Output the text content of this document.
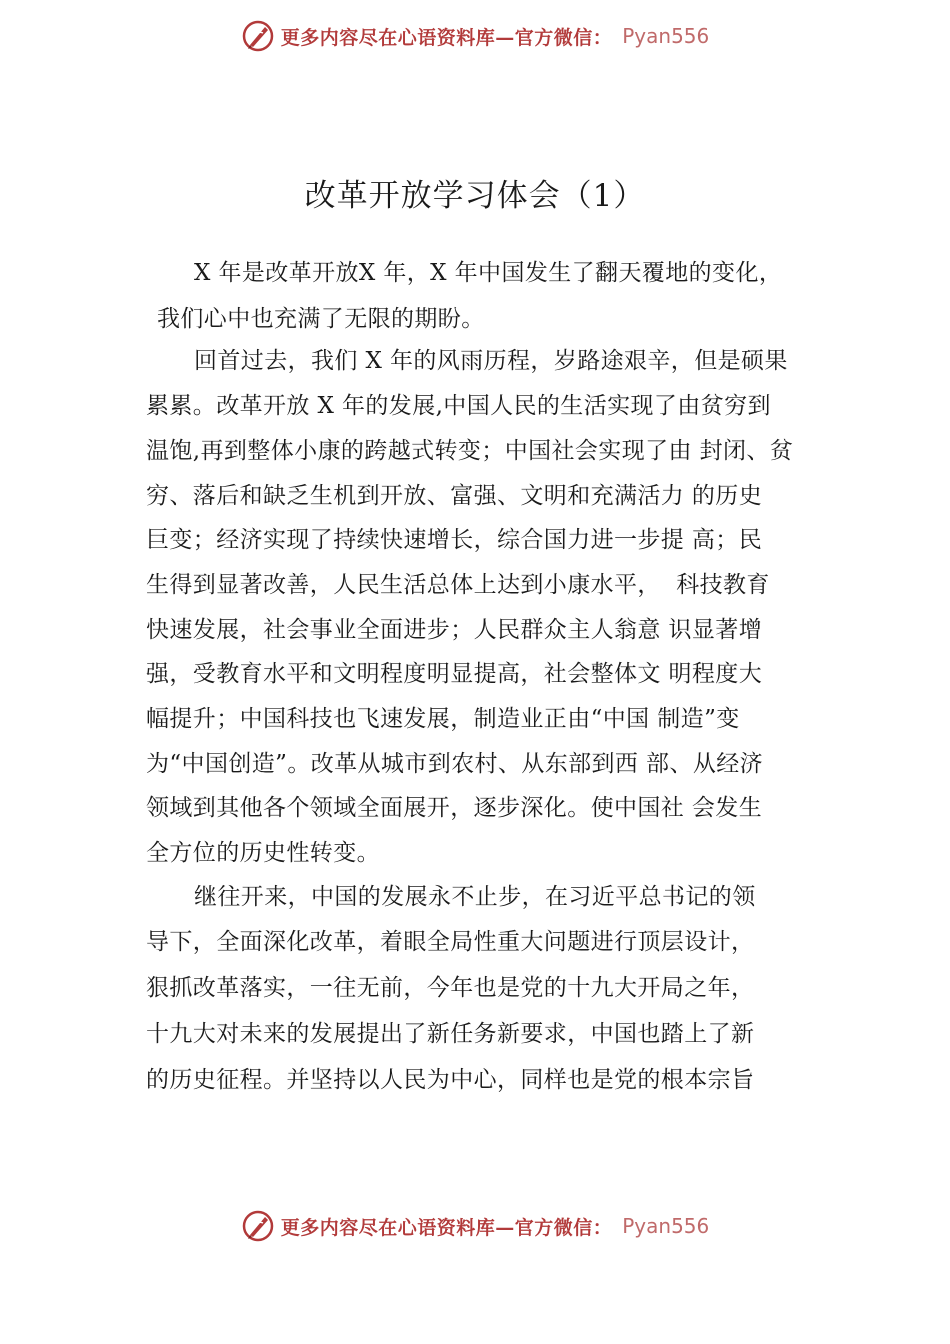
更多内容尽在心语资料库—官方微信： Pyan556
改革开放学习体会（1）
X 年是改革开放X 年，X 年中国发生了翻天覆地的变化，
我们心中也充满了无限的期盼。
回首过去，我们 X 年的风雨历程，岁路途艰辛，但是硕果
累累。改革开放 X 年的发展,中国人民的生活实现了由贫穷到
温饱,再到整体小康的跨越式转变；中国社会实现了由 封闭、贫
穷、落后和缺乏生机到开放、富强、文明和充满活力 的历史
巨变；经济实现了持续快速增长，综合国力进一步提 高；民
生得到显著改善，人民生活总体上达到小康水平，  科技教育
快速发展，社会事业全面进步；人民群众主人翁意 识显著增
强，受教育水平和文明程度明显提高，社会整体文 明程度大
幅提升；中国科技也飞速发展，制造业正由“中国 制造”变
为“中国创造”。改革从城市到农村、从东部到西 部、从经济
领域到其他各个领域全面展开，逐步深化。使中国社 会发生
全方位的历史性转变。
继往开来，中国的发展永不止步，在习近平总书记的领
导下，全面深化改革，着眼全局性重大问题进行顶层设计，
狠抓改革落实，一往无前，今年也是党的十九大开局之年，
十九大对未来的发展提出了新任务新要求，中国也踏上了新
的历史征程。并坚持以人民为中心，同样也是党的根本宗旨
更多内容尽在心语资料库—官方微信： Pyan556
